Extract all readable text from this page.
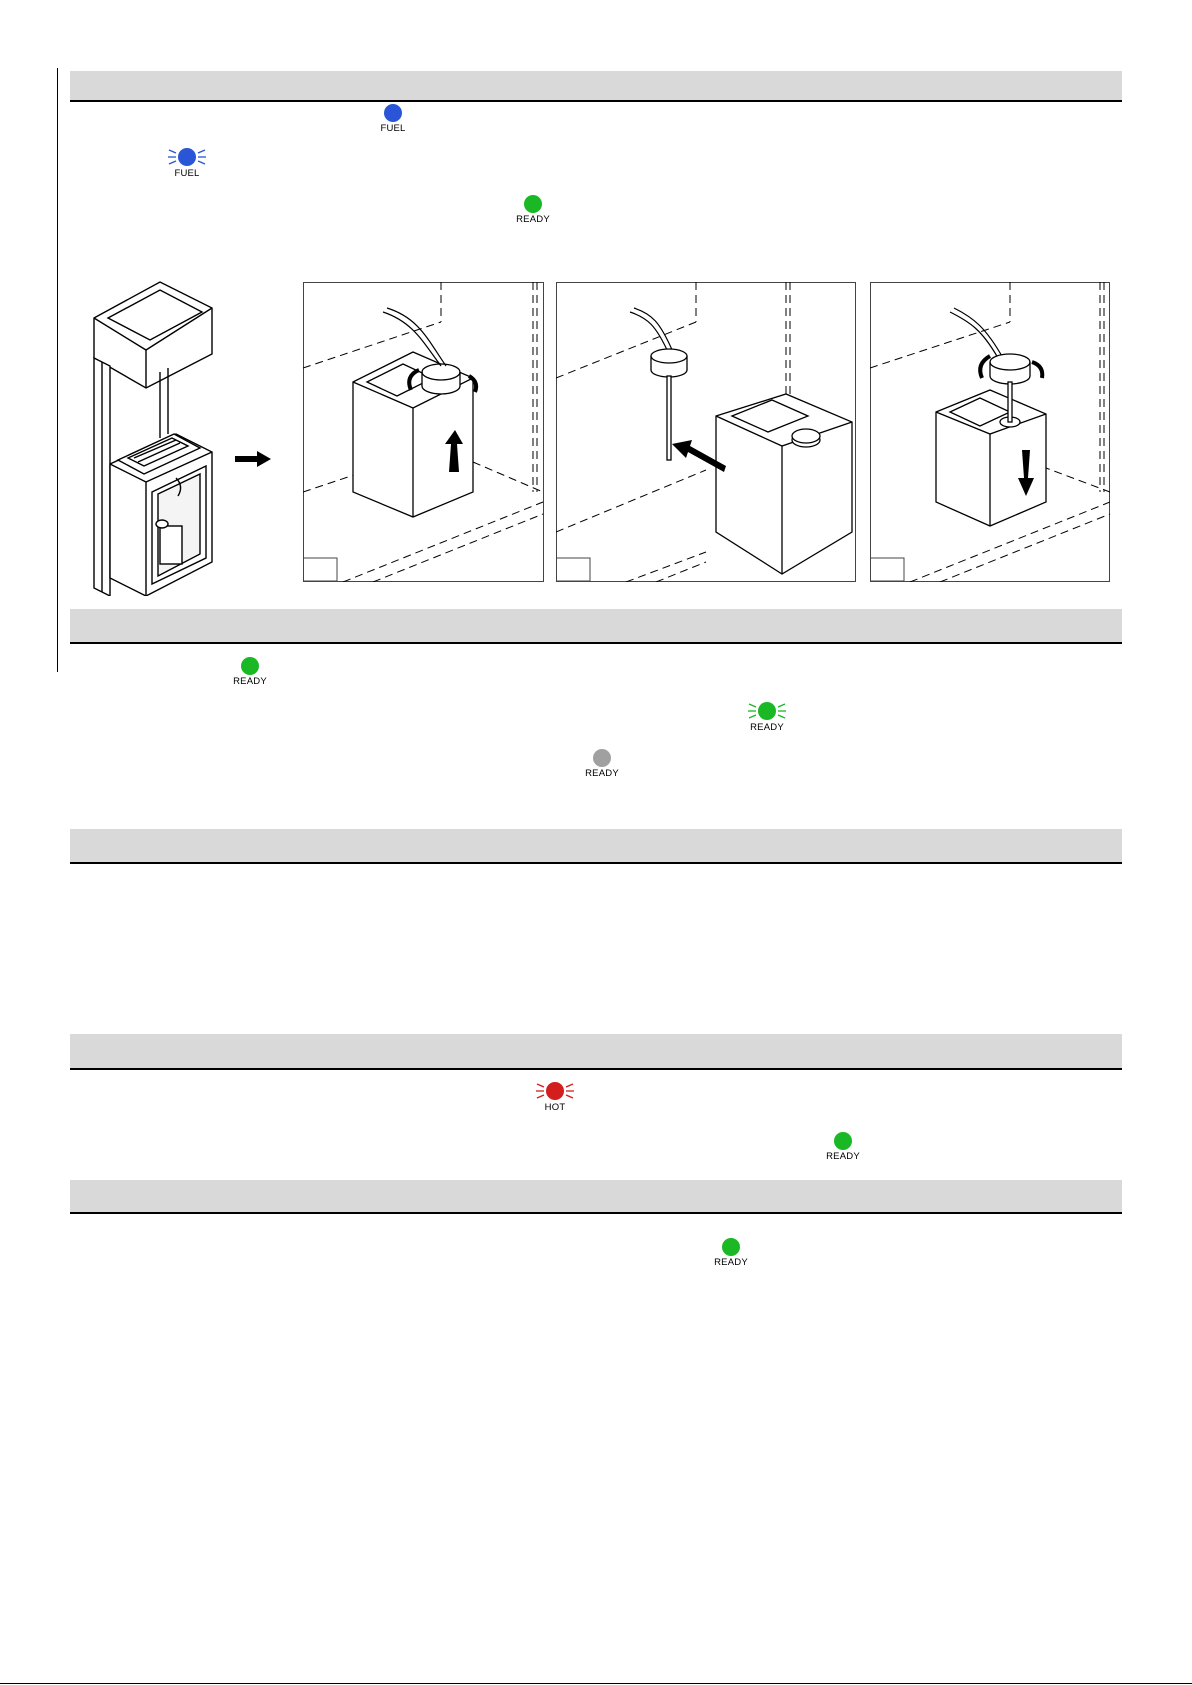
FUEL
FUEL
READY
READY
READY
READY
HOT
READY
READY
